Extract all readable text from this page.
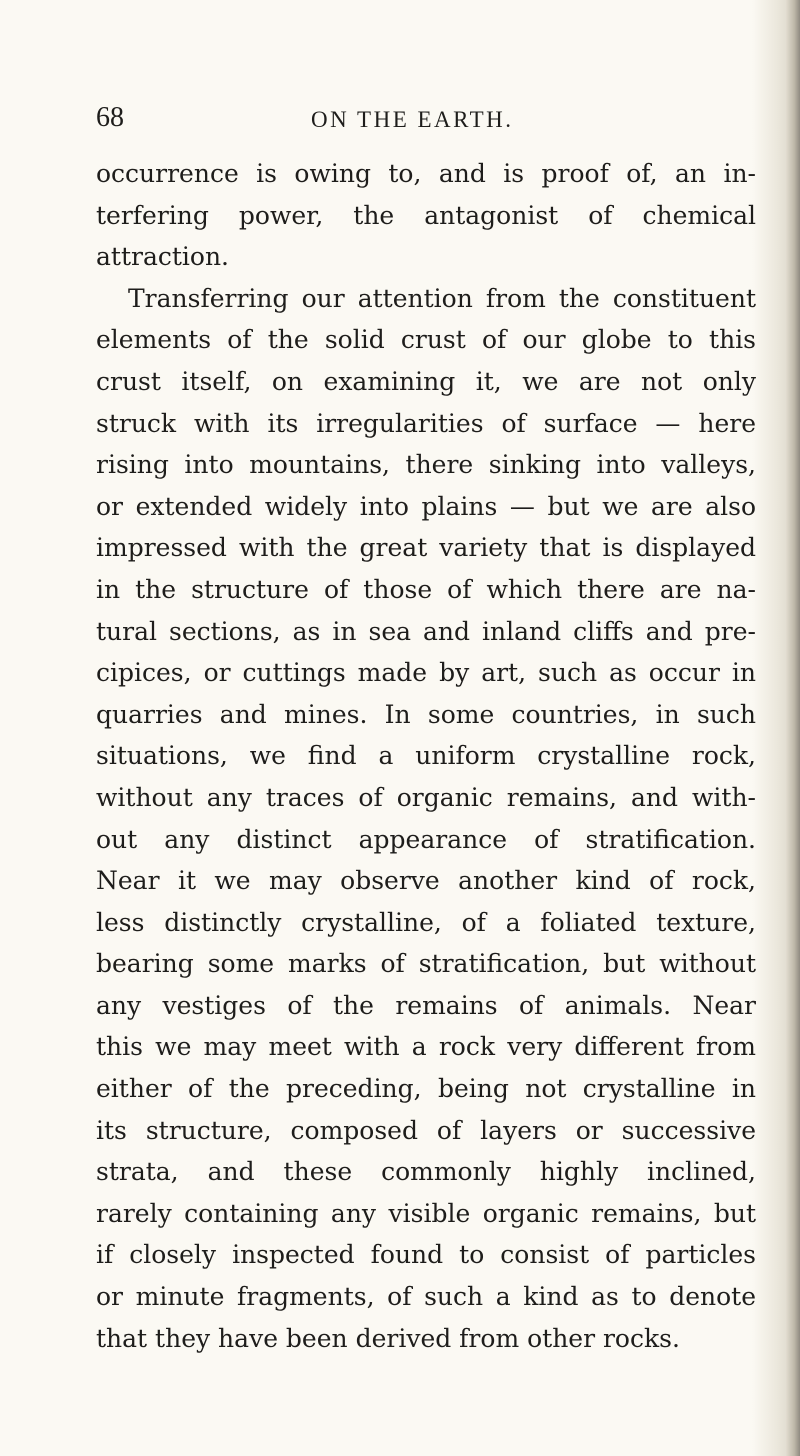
68	ON THE EARTH.
occurrence is owing to, and is proof of, an in-
terfering power, the antagonist of chemical
attraction.
Transferring our attention from the constituent
elements of the solid crust of our globe to this
crust itself, on examining it, we are not only
struck with its irregularities of surface — here
rising into mountains, there sinking into valleys,
or extended widely into plains — but we are also
impressed with the great variety that is displayed
in the structure of those of which there are na-
tural sections, as in sea and inland cliffs and pre-
cipices, or cuttings made by art, such as occur in
quarries and mines. In some countries, in such
situations, we find a uniform crystalline rock,
without any traces of organic remains, and with-
out any distinct appearance of stratification.
Near it we may observe another kind of rock,
less distinctly crystalline, of a foliated texture,
bearing some marks of stratification, but without
any vestiges of the remains of animals. Near
this we may meet with a rock very different from
either of the preceding, being not crystalline in
its structure, composed of layers or successive
strata, and these commonly highly inclined,
rarely containing any visible organic remains, but
if closely inspected found to consist of particles
or minute fragments, of such a kind as to denote
that they have been derived from other rocks.
